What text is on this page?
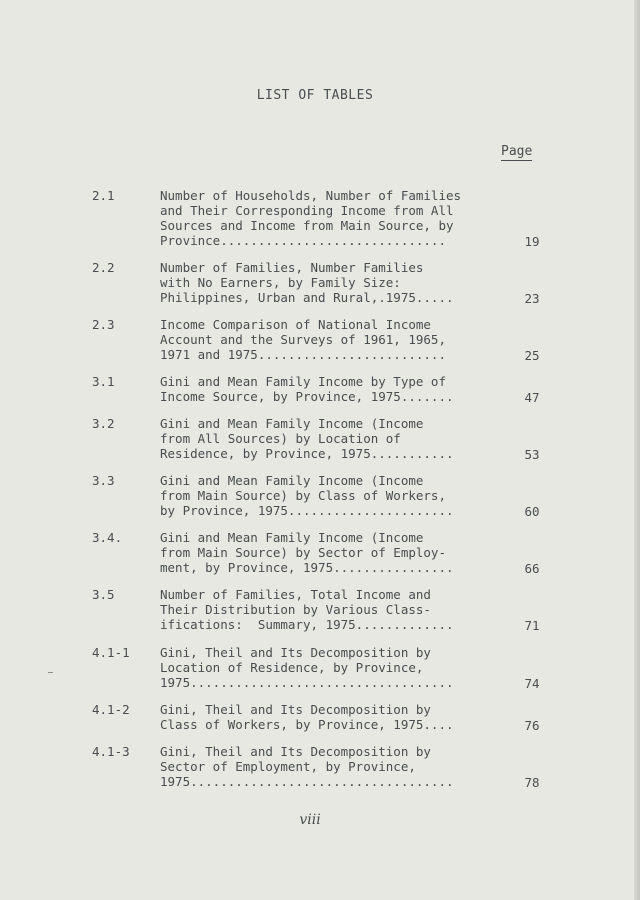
LIST OF TABLES
Page
2.1	Number of Households, Number of Families
and Their Corresponding Income from All
Sources and Income from Main Source, by
Province..............................	19
2.2	Number of Families, Number Families
with No Earners, by Family Size:
Philippines, Urban and Rural,.1975.....	23
2.3	Income Comparison of National Income
Account and the Surveys of 1961, 1965,
1971 and 1975.........................	25
3.1	Gini and Mean Family Income by Type of
Income Source, by Province, 1975.......	47
3.2	Gini and Mean Family Income (Income
from All Sources) by Location of
Residence, by Province, 1975...........	53
3.3	Gini and Mean Family Income (Income
from Main Source) by Class of Workers,
by Province, 1975......................	60
3.4.	Gini and Mean Family Income (Income
from Main Source) by Sector of Employ-
ment, by Province, 1975................	66
3.5	Number of Families, Total Income and
Their Distribution by Various Class-
ifications:  Summary, 1975.............	71
4.1-1 Gini, Theil and Its Decomposition by
Location of Residence, by Province,
1975...................................	74
4.1-2 Gini, Theil and Its Decomposition by
Class of Workers, by Province, 1975....	76
4.1-3 Gini, Theil and Its Decomposition by
Sector of Employment, by Province,
1975...................................	78
viii
